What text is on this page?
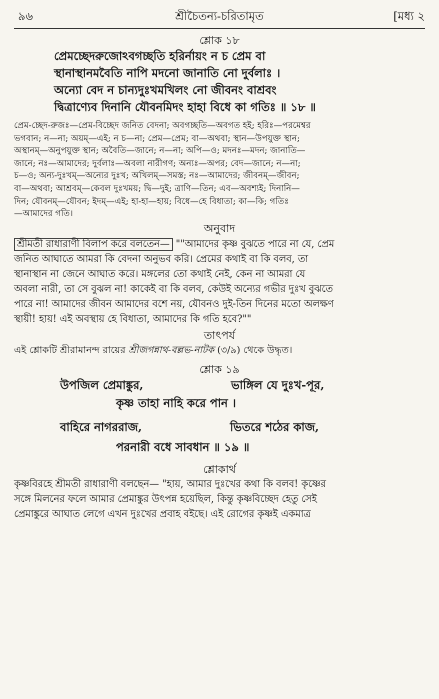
৯৬	শ্রীচৈতন্য-চরিতামৃত	[মধ্য ২
শ্লোক ১৮
প্রেমচ্ছেদরুজোঽবগচ্ছতি হরির্নায়ং ন চ প্রেম বা
স্থানাস্থানমবৈতি নাপি মদনো জানাতি নো দুর্বলাঃ ।
অন্যো বেদ ন চান্যদুঃখমখিলং নো জীবনং বাশ্রবং
দ্বিত্রাণ্যেব দিনানি যৌবনমিদং হাহা বিধে কা গতিঃ ॥ ১৮ ॥
প্রেম-চ্ছেদ-রুজঃ—প্রেম-বিচ্ছেদ জনিত বেদনা; অবগচ্ছতি—অবগত হই; হরিঃ—পরমেশ্বর
ভগবান; ন—না; অয়ম্—এই; ন চ—না; প্রেম—প্রেম; বা—অথবা; স্থান—উপযুক্ত স্থান;
অস্থানম্—অনুপযুক্ত স্থান; অবৈতি—জানে; ন—না; অপি—ও; মদনঃ—মদন; জানাতি—
জানে; নঃ—আমাদের; দুর্বলাঃ—অবলা নারীগণ; অন্যঃ—অপর; বেদ—জানে; ন—না;
চ—ও; অন্য-দুঃখম্—অন্যের দুঃখ; অখিলম্—সমস্ত; নঃ—আমাদের; জীবনম্—জীবন;
বা—অথবা; আশ্রবম্—কেবল দুঃখময়; দ্বি—দুই; ত্রাণি—তিন; এব—অবশ্যই; দিনানি—
দিন; যৌবনম্—যৌবন; ইদম্—এই; হা-হা—হায়; বিধে—হে বিধাতা; কা—কি; গতিঃ
—আমাদের গতি।
অনুবাদ
শ্রীমতী রাধারাণী বিলাপ করে বলতেন— ""আমাদের কৃষ্ণ বুঝতে পারে না যে, প্রেম
জনিত আঘাতে আমরা কি বেদনা অনুভব করি। প্রেমের কথাই বা কি বলব, তা
স্থানাস্থান না জেনে আঘাত করে। মঙ্গলের তো কথাই নেই, কেন না আমরা যে
অবলা নারী, তা সে বুঝল না! কাকেই বা কি বলব, কেউই অন্যের গভীর দুঃখ বুঝতে
পারে না! আমাদের জীবন আমাদের বশে নয়, যৌবনও দুই-তিন দিনের মতো অলক্ষণ
স্থায়ী! হায়! এই অবস্থায় হে বিধাতা, আমাদের কি গতি হবে?""
তাৎপর্য
এই শ্লোকটি শ্রীরামানন্দ রায়ের শ্রীজগন্নাথ-বল্লভ-নাটক (৩/৯) থেকে উদ্ধৃত।
শ্লোক ১৯
উপজিল প্রেমাঙ্কুর,	ভাঙ্গিল যে দুঃখ-পূর,
কৃষ্ণ তাহা নাহি করে পান ।
বাহিরে নাগররাজ,	ভিতরে শঠের কাজ,
পরনারী বধে সাবধান ॥ ১৯ ॥
শ্লোকার্থ
কৃষ্ণবিরহে শ্রীমতী রাধারাণী বলছেন— "হায়, আমার দুঃখের কথা কি বলব! কৃষ্ণের
সঙ্গে মিলনের ফলে আমার প্রেমাঙ্কুর উৎপন্ন হয়েছিল, কিন্তু কৃষ্ণবিচ্ছেদ হেতু সেই
প্রেমাঙ্কুরে আঘাত লেগে এখন দুঃখের প্রবাহ বইছে। এই রোগের কৃষ্ণই একমাত্র
